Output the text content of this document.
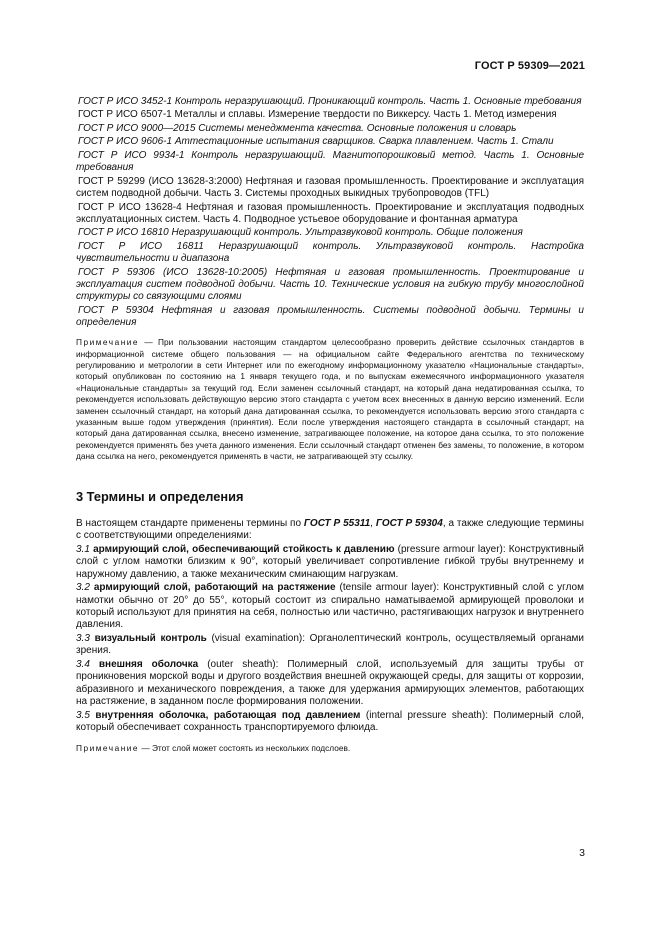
ГОСТ Р 59309—2021

ГОСТ Р ИСО 3452-1 Контроль неразрушающий. Проникающий контроль. Часть 1. Основные требования

ГОСТ Р ИСО 6507-1 Металлы и сплавы. Измерение твердости по Виккерсу. Часть 1. Метод измерения

ГОСТ Р ИСО 9000—2015 Системы менеджмента качества. Основные положения и словарь

ГОСТ Р ИСО 9606-1 Аттестационные испытания сварщиков. Сварка плавлением. Часть 1. Стали

ГОСТ Р ИСО 9934-1 Контроль неразрушающий. Магнитопорошковый метод. Часть 1. Основные требования

ГОСТ Р 59299 (ИСО 13628-3:2000) Нефтяная и газовая промышленность. Проектирование и эксплуатация систем подводной добычи. Часть 3. Системы проходных выкидных трубопроводов (TFL)

ГОСТ Р ИСО 13628-4 Нефтяная и газовая промышленность. Проектирование и эксплуатация подводных эксплуатационных систем. Часть 4. Подводное устьевое оборудование и фонтанная арматура

ГОСТ Р ИСО 16810 Неразрушающий контроль. Ультразвуковой контроль. Общие положения

ГОСТ Р ИСО 16811 Неразрушающий контроль. Ультразвуковой контроль. Настройка чувствительности и диапазона

ГОСТ Р 59306 (ИСО 13628-10:2005) Нефтяная и газовая промышленность. Проектирование и эксплуатация систем подводной добычи. Часть 10. Технические условия на гибкую трубу многослойной структуры со связующими слоями

ГОСТ Р 59304 Нефтяная и газовая промышленность. Системы подводной добычи. Термины и определения

Примечание — При пользовании настоящим стандартом целесообразно проверить действие ссылочных стандартов в информационной системе общего пользования — на официальном сайте Федерального агентства по техническому регулированию и метрологии в сети Интернет или по ежегодному информационному указателю «Национальные стандарты», который опубликован по состоянию на 1 января текущего года, и по выпускам ежемесячного информационного указателя «Национальные стандарты» за текущий год. Если заменен ссылочный стандарт, на который дана недатированная ссылка, то рекомендуется использовать действующую версию этого стандарта с учетом всех внесенных в данную версию изменений. Если заменен ссылочный стандарт, на который дана датированная ссылка, то рекомендуется использовать версию этого стандарта с указанным выше годом утверждения (принятия). Если после утверждения настоящего стандарта в ссылочный стандарт, на который дана датированная ссылка, внесено изменение, затрагивающее положение, на которое дана ссылка, то это положение рекомендуется применять без учета данного изменения. Если ссылочный стандарт отменен без замены, то положение, в котором дана ссылка на него, рекомендуется применять в части, не затрагивающей эту ссылку.

3 Термины и определения

В настоящем стандарте применены термины по ГОСТ Р 55311, ГОСТ Р 59304, а также следующие термины с соответствующими определениями:

3.1 армирующий слой, обеспечивающий стойкость к давлению (pressure armour layer): Конструктивный слой с углом намотки близким к 90°, который увеличивает сопротивление гибкой трубы внутреннему и наружному давлению, а также механическим сминающим нагрузкам.

3.2 армирующий слой, работающий на растяжение (tensile armour layer): Конструктивный слой с углом намотки обычно от 20° до 55°, который состоит из спирально наматываемой армирующей проволоки и который используют для принятия на себя, полностью или частично, растягивающих нагрузок и внутреннего давления.

3.3 визуальный контроль (visual examination): Органолептический контроль, осуществляемый органами зрения.

3.4 внешняя оболочка (outer sheath): Полимерный слой, используемый для защиты трубы от проникновения морской воды и другого воздействия внешней окружающей среды, для защиты от коррозии, абразивного и механического повреждения, а также для удержания армирующих элементов, работающих на растяжение, в заданном после формирования положении.

3.5 внутренняя оболочка, работающая под давлением (internal pressure sheath): Полимерный слой, который обеспечивает сохранность транспортируемого флюида.

Примечание — Этот слой может состоять из нескольких подслоев.

3
